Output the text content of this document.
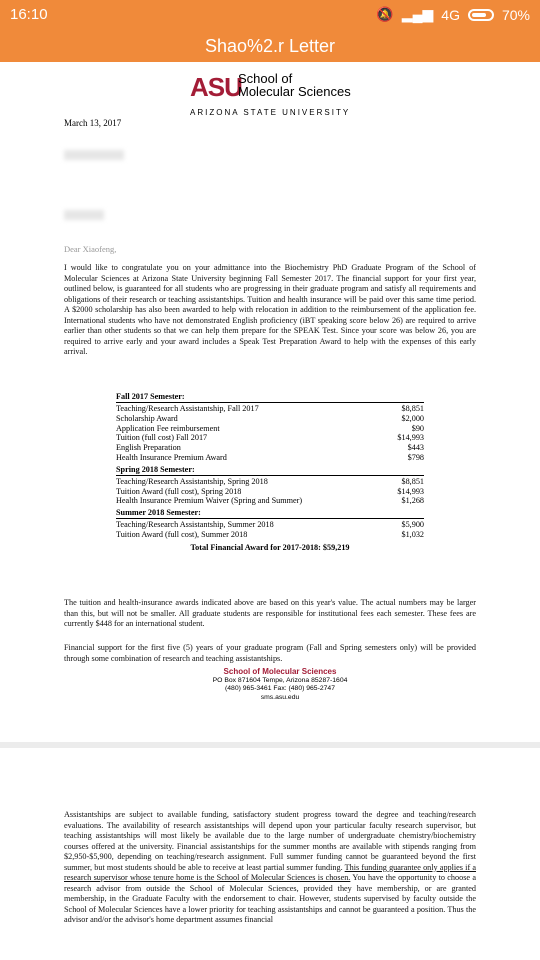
16:10	🔕 ▂▄▆ 4G	70%
Shao%2.r Letter
ASU
School of
Molecular Sciences
ARIZONA STATE UNIVERSITY
March 13, 2017
Dear Xiaofeng,
I would like to congratulate you on your admittance into the Biochemistry PhD Graduate Program of the School of Molecular Sciences at Arizona State University beginning Fall Semester 2017. The financial support for your first year, outlined below, is guaranteed for all students who are progressing in their graduate program and satisfy all requirements and obligations of their research or teaching assistantships. Tuition and health insurance will be paid over this same time period. A $2000 scholarship has also been awarded to help with relocation in addition to the reimbursement of the application fee. International students who have not demonstrated English proficiency (iBT speaking score below 26) are required to arrive earlier than other students so that we can help them prepare for the SPEAK Test. Since your score was below 26, you are required to arrive early and your award includes a Speak Test Preparation Award to help with the expenses of this early arrival.
Fall 2017 Semester:
Teaching/Research Assistantship, Fall 2017	$8,851
Scholarship Award	$2,000
Application Fee reimbursement	$90
Tuition (full cost) Fall 2017	$14,993
English Preparation	$443
Health Insurance Premium Award	$798
Spring 2018 Semester:
Teaching/Research Assistantship, Spring 2018	$8,851
Tuition Award (full cost), Spring 2018	$14,993
Health Insurance Premium Waiver (Spring and Summer)	$1,268
Summer 2018 Semester:
Teaching/Research Assistantship, Summer 2018	$5,900
Tuition Award (full cost), Summer 2018	$1,032
Total Financial Award for 2017-2018: $59,219
The tuition and health-insurance awards indicated above are based on this year's value. The actual numbers may be larger than this, but will not be smaller. All graduate students are responsible for institutional fees each semester. These fees are currently $448 for an international student.
Financial support for the first five (5) years of your graduate program (Fall and Spring semesters only) will be provided through some combination of research and teaching assistantships.
School of Molecular Sciences
PO Box 871604 Tempe, Arizona 85287-1604
(480) 965-3461 Fax: (480) 965-2747
sms.asu.edu
Assistantships are subject to available funding, satisfactory student progress toward the degree and teaching/research evaluations. The availability of research assistantships will depend upon your particular faculty research supervisor, but teaching assistantships will most likely be available due to the large number of undergraduate chemistry/biochemistry courses offered at the university. Financial assistantships for the summer months are available with stipends ranging from $2,950-$5,900, depending on teaching/research assignment. Full summer funding cannot be guaranteed beyond the first summer, but most students should be able to receive at least partial summer funding. This funding guarantee only applies if a research supervisor whose tenure home is the School of Molecular Sciences is chosen. You have the opportunity to choose a research advisor from outside the School of Molecular Sciences, provided they have membership, or are granted membership, in the Graduate Faculty with the endorsement to chair. However, students supervised by faculty outside the School of Molecular Sciences have a lower priority for teaching assistantships and cannot be guaranteed a position. Thus the advisor and/or the advisor's home department assumes financial
